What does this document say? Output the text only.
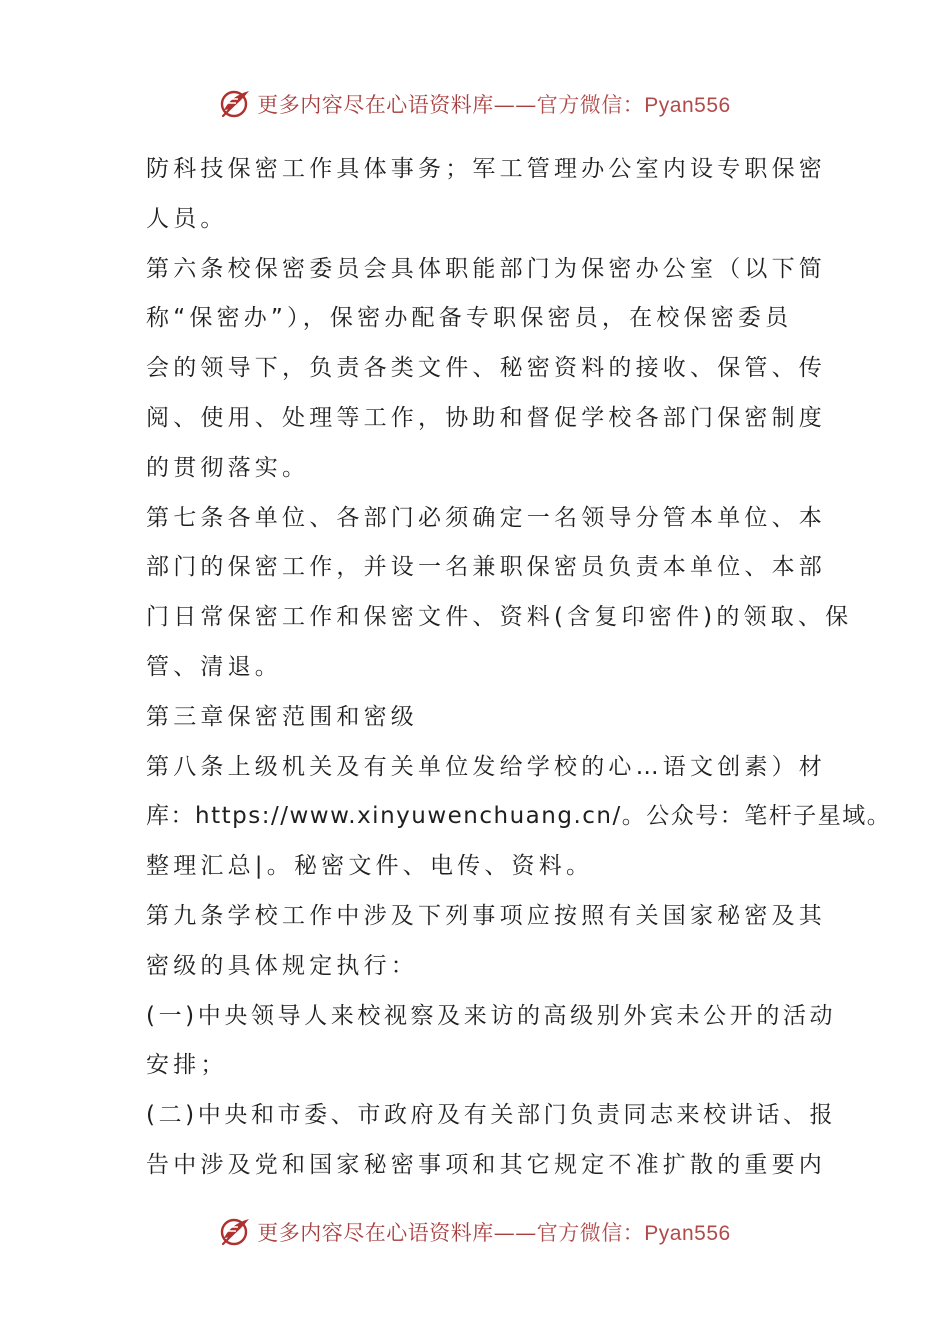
更多内容尽在心语资料库——官方微信：Pyan556
防科技保密工作具体事务；军工管理办公室内设专职保密
人员。
第六条校保密委员会具体职能部门为保密办公室（以下简
称“保密办”），保密办配备专职保密员，在校保密委员
会的领导下，负责各类文件、秘密资料的接收、保管、传
阅、使用、处理等工作，协助和督促学校各部门保密制度
的贯彻落实。
第七条各单位、各部门必须确定一名领导分管本单位、本
部门的保密工作，并设一名兼职保密员负责本单位、本部
门日常保密工作和保密文件、资料(含复印密件)的领取、保
管、清退。
第三章保密范围和密级
第八条上级机关及有关单位发给学校的心…语文创素）材
库：https://www.xinyuwenchuang.cn/。公众号：笔杆子星域。
整理汇总|。秘密文件、电传、资料。
第九条学校工作中涉及下列事项应按照有关国家秘密及其
密级的具体规定执行：
(一)中央领导人来校视察及来访的高级别外宾未公开的活动
安排；
(二)中央和市委、市政府及有关部门负责同志来校讲话、报
告中涉及党和国家秘密事项和其它规定不准扩散的重要内
更多内容尽在心语资料库——官方微信：Pyan556
